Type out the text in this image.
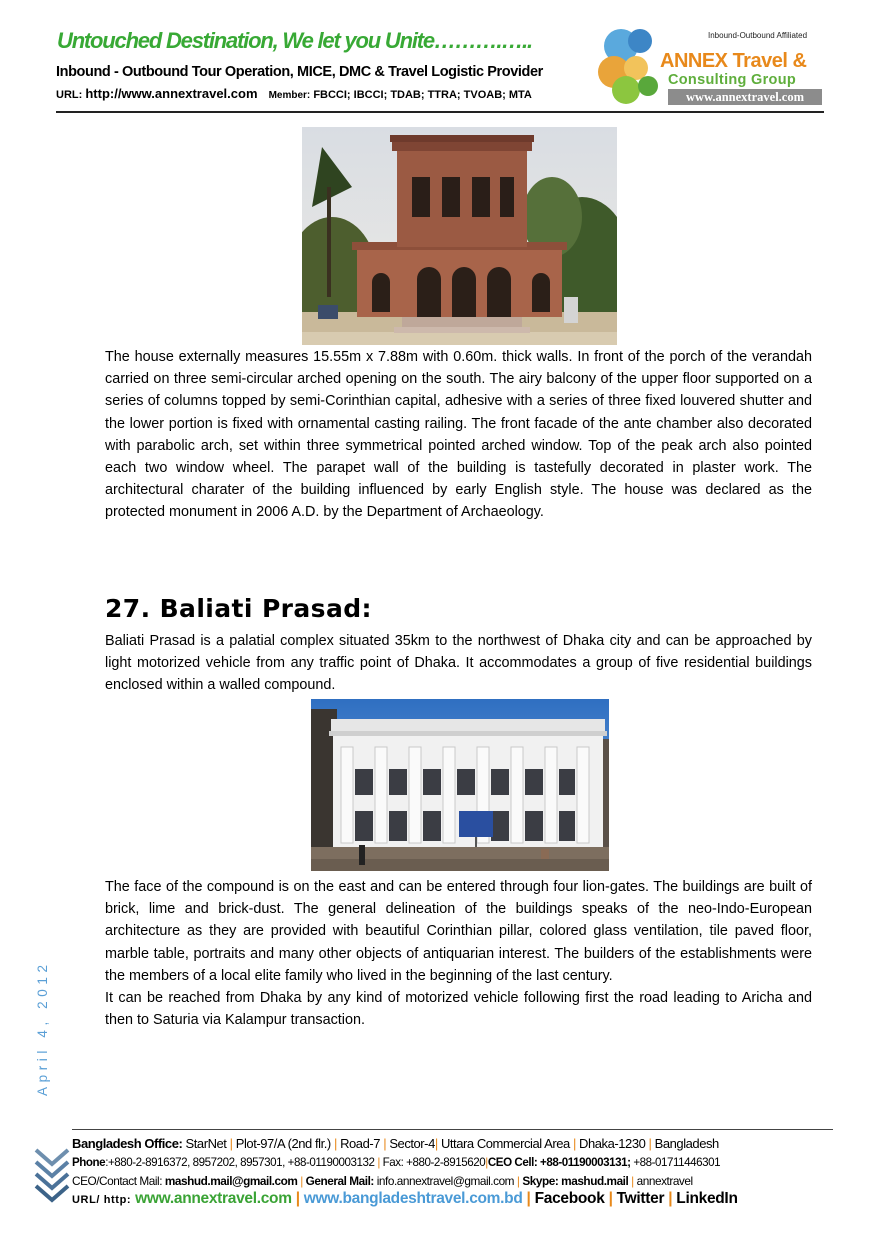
Untouched Destination, We let you Unite……….…..
Inbound - Outbound Tour Operation, MICE, DMC & Travel Logistic Provider
URL: http://www.annextravel.com Member: FBCCI; IBCCI; TDAB; TTRA; TVOAB; MTA
Inbound-Outbound Affiliated
ANNEX Travel &
Consulting Group
www.annextravel.com

The house externally measures 15.55m x 7.88m with 0.60m. thick walls. In front of the porch of the verandah carried on three semi-circular arched opening on the south. The airy balcony of the upper floor supported on a series of columns topped by semi-Corinthian capital, adhesive with a series of three fixed louvered shutter and the lower portion is fixed with ornamental casting railing. The front facade of the ante chamber also decorated with parabolic arch, set within three symmetrical pointed arched window. Top of the peak arch also pointed each two window wheel. The parapet wall of the building is tastefully decorated in plaster work. The architectural charater of the building influenced by early English style. The house was declared as the protected monument in 2006 A.D. by the Department of Archaeology.

27. Baliati Prasad:

Baliati Prasad is a palatial complex situated 35km to the northwest of Dhaka city and can be approached by light motorized vehicle from any traffic point of Dhaka. It accommodates a group of five residential buildings enclosed within a walled compound.

The face of the compound is on the east and can be entered through four lion-gates. The buildings are built of brick, lime and brick-dust. The general delineation of the buildings speaks of the neo-Indo-European architecture as they are provided with beautiful Corinthian pillar, colored glass ventilation, tile paved floor, marble table, portraits and many other objects of antiquarian interest. The builders of the establishments were the members of a local elite family who lived in the beginning of the last century.

It can be reached from Dhaka by any kind of motorized vehicle following first the road leading to Aricha and then to Saturia via Kalampur transaction.

April 4, 2012
Bangladesh Office: StarNet | Plot-97/A (2nd flr.) | Road-7 | Sector-4| Uttara Commercial Area | Dhaka-1230 | Bangladesh
Phone:+880-2-8916372, 8957202, 8957301, +88-01190003132 | Fax: +880-2-8915620|CEO Cell: +88-01190003131; +88-01711446301
CEO/Contact Mail: mashud.mail@gmail.com | General Mail: info.annextravel@gmail.com | Skype: mashud.mail | annextravel
URL/ http: www.annextravel.com | www.bangladeshtravel.com.bd | Facebook | Twitter | LinkedIn
